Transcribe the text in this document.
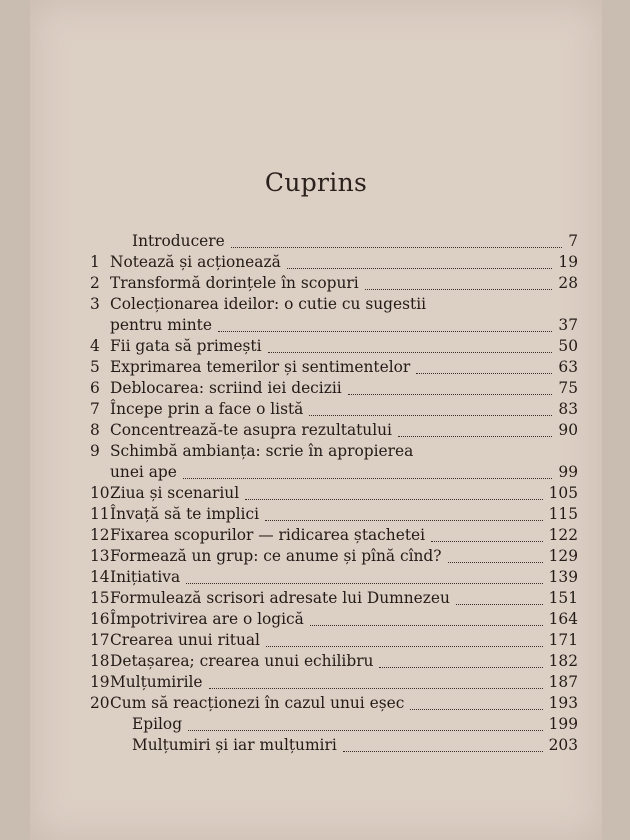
Cuprins
Introducere	7
1 Notează și acționează	19
2 Transformă dorințele în scopuri	28
3 Colecționarea ideilor: o cutie cu sugestii
pentru minte	37
4 Fii gata să primești	50
5 Exprimarea temerilor și sentimentelor	63
6 Deblocarea: scriind iei decizii	75
7 Începe prin a face o listă	83
8 Concentrează-te asupra rezultatului	90
9 Schimbă ambianța: scrie în apropierea
unei ape	99
10 Ziua și scenariul	105
11 Învață să te implici	115
12 Fixarea scopurilor — ridicarea ștachetei	122
13 Formează un grup: ce anume și pînă cînd?	129
14 Inițiativa	139
15 Formulează scrisori adresate lui Dumnezeu	151
16 Împotrivirea are o logică	164
17 Crearea unui ritual	171
18 Detașarea; crearea unui echilibru	182
19 Mulțumirile	187
20 Cum să reacționezi în cazul unui eșec	193
Epilog	199
Mulțumiri și iar mulțumiri	203
